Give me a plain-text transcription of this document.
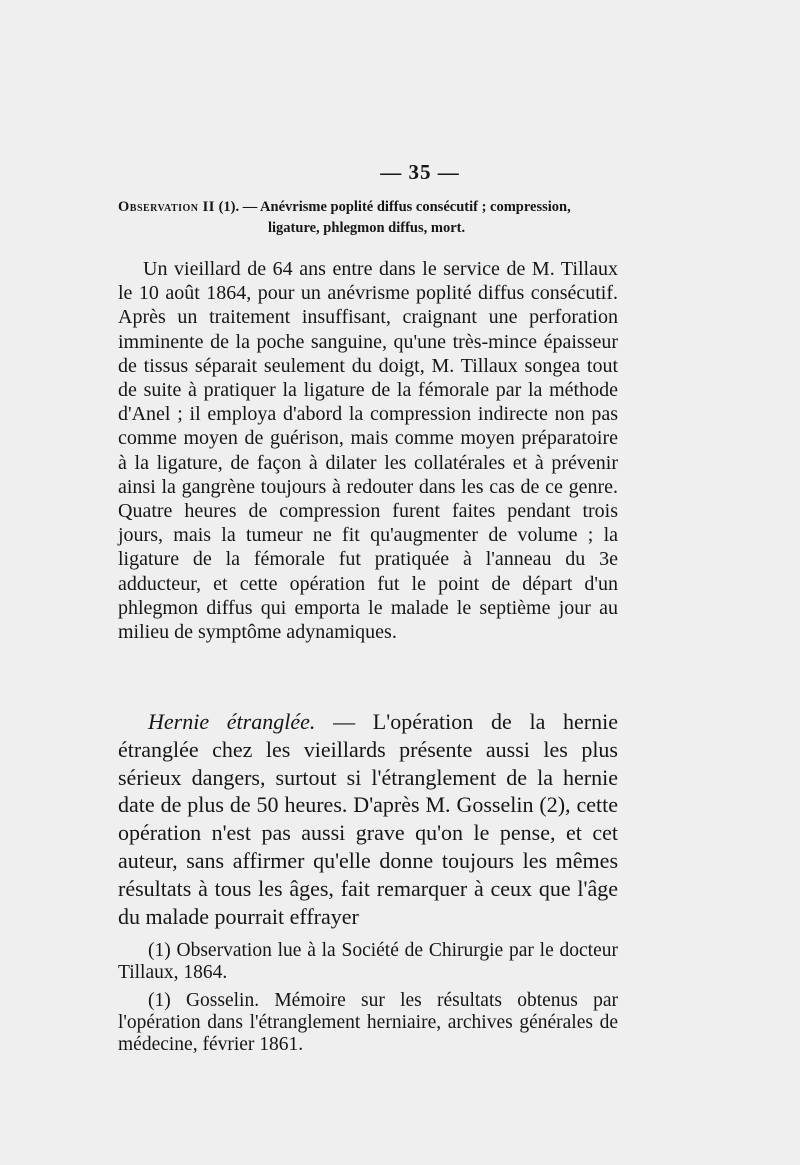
— 35 —
Observation II (1). — Anévrisme poplité diffus consécutif ; compression,
ligature, phlegmon diffus, mort.

Un vieillard de 64 ans entre dans le service de M. Tillaux le 10 août 1864, pour un anévrisme poplité diffus consécutif. Après un traitement insuffisant, craignant une perforation imminente de la poche sanguine, qu'une très-mince épaisseur de tissus séparait seulement du doigt, M. Tillaux songea tout de suite à pratiquer la ligature de la fémorale par la méthode d'Anel ; il employa d'abord la compression indirecte non pas comme moyen de guérison, mais comme moyen préparatoire à la ligature, de façon à dilater les collatérales et à prévenir ainsi la gangrène toujours à redouter dans les cas de ce genre. Quatre heures de compression furent faites pendant trois jours, mais la tumeur ne fit qu'augmenter de volume ; la ligature de la fémorale fut pratiquée à l'anneau du 3e adducteur, et cette opération fut le point de départ d'un phlegmon diffus qui emporta le malade le septième jour au milieu de symptôme adynamiques.

Hernie étranglée. — L'opération de la hernie étranglée chez les vieillards présente aussi les plus sérieux dangers, surtout si l'étranglement de la hernie date de plus de 50 heures. D'après M. Gosselin (2), cette opération n'est pas aussi grave qu'on le pense, et cet auteur, sans affirmer qu'elle donne toujours les mêmes résultats à tous les âges, fait remarquer à ceux que l'âge du malade pourrait effrayer

(1) Observation lue à la Société de Chirurgie par le docteur Tillaux, 1864.

(1) Gosselin. Mémoire sur les résultats obtenus par l'opération dans l'étranglement herniaire, archives générales de médecine, février 1861.
